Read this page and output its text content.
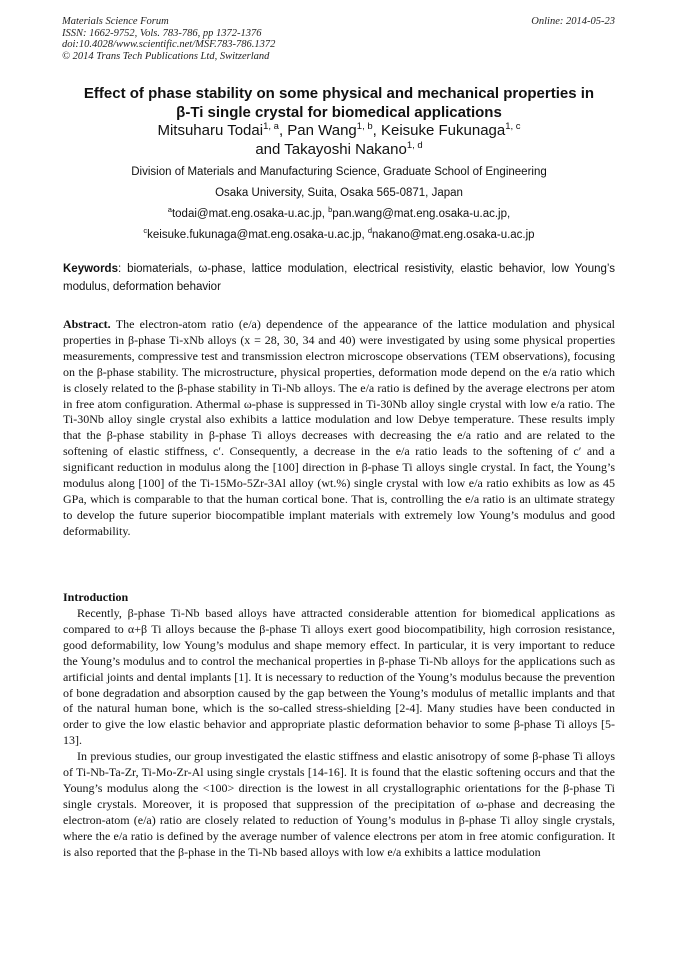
Materials Science Forum
ISSN: 1662-9752, Vols. 783-786, pp 1372-1376
doi:10.4028/www.scientific.net/MSF.783-786.1372
© 2014 Trans Tech Publications Ltd, Switzerland
Online: 2014-05-23
Effect of phase stability on some physical and mechanical properties in
β-Ti single crystal for biomedical applications
Mitsuharu Todai$^{1, a}$, Pan Wang$^{1, b}$, Keisuke Fukunaga$^{1, c}$
and Takayoshi Nakano$^{1, d}$
Division of Materials and Manufacturing Science, Graduate School of Engineering
Osaka University, Suita, Osaka 565-0871, Japan
$^a$todai@mat.eng.osaka-u.ac.jp, $^b$pan.wang@mat.eng.osaka-u.ac.jp,
$^c$keisuke.fukunaga@mat.eng.osaka-u.ac.jp, $^d$nakano@mat.eng.osaka-u.ac.jp
Keywords: biomaterials, ω-phase, lattice modulation, electrical resistivity, elastic behavior, low Young’s modulus, deformation behavior
Abstract. The electron-atom ratio (e/a) dependence of the appearance of the lattice modulation and physical properties in β-phase Ti-xNb alloys (x = 28, 30, 34 and 40) were investigated by using some physical properties measurements, compressive test and transmission electron microscope observations (TEM observations), focusing on the β-phase stability. The microstructure, physical properties, deformation mode depend on the e/a ratio which is closely related to the β-phase stability in Ti-Nb alloys. The e/a ratio is defined by the average electrons per atom in free atom configuration. Athermal ω-phase is suppressed in Ti-30Nb alloy single crystal with low e/a ratio. The Ti-30Nb alloy single crystal also exhibits a lattice modulation and low Debye temperature. These results imply that the β-phase stability in β-phase Ti alloys decreases with decreasing the e/a ratio and are related to the softening of elastic stiffness, c′. Consequently, a decrease in the e/a ratio leads to the softening of c′ and a significant reduction in modulus along the [100] direction in β-phase Ti alloys single crystal. In fact, the Young’s modulus along [100] of the Ti-15Mo-5Zr-3Al alloy (wt.%) single crystal with low e/a ratio exhibits as low as 45 GPa, which is comparable to that the human cortical bone. That is, controlling the e/a ratio is an ultimate strategy to develop the future superior biocompatible implant materials with extremely low Young’s modulus and good deformability.
Introduction

Recently, β-phase Ti-Nb based alloys have attracted considerable attention for biomedical applications as compared to α+β Ti alloys because the β-phase Ti alloys exert good biocompatibility, high corrosion resistance, good deformability, low Young’s modulus and shape memory effect. In particular, it is very important to reduce the Young’s modulus and to control the mechanical properties in β-phase Ti-Nb alloys for the applications such as artificial joints and dental implants [1]. It is necessary to reduction of the Young’s modulus because the prevention of bone degradation and absorption caused by the gap between the Young’s modulus of metallic implants and that of the natural human bone, which is the so-called stress-shielding [2-4]. Many studies have been conducted in order to give the low elastic behavior and appropriate plastic deformation behavior to some β-phase Ti alloys [5-13].

In previous studies, our group investigated the elastic stiffness and elastic anisotropy of some β-phase Ti alloys of Ti-Nb-Ta-Zr, Ti-Mo-Zr-Al using single crystals [14-16]. It is found that the elastic softening occurs and that the Young’s modulus along the <100> direction is the lowest in all crystallographic orientations for the β-phase Ti single crystals. Moreover, it is proposed that suppression of the precipitation of ω-phase and decreasing the electron-atom (e/a) ratio are closely related to reduction of Young’s modulus in β-phase Ti alloy single crystals, where the e/a ratio is defined by the average number of valence electrons per atom in free atomic configuration. It is also reported that the β-phase in the Ti-Nb based alloys with low e/a exhibits a lattice modulation
